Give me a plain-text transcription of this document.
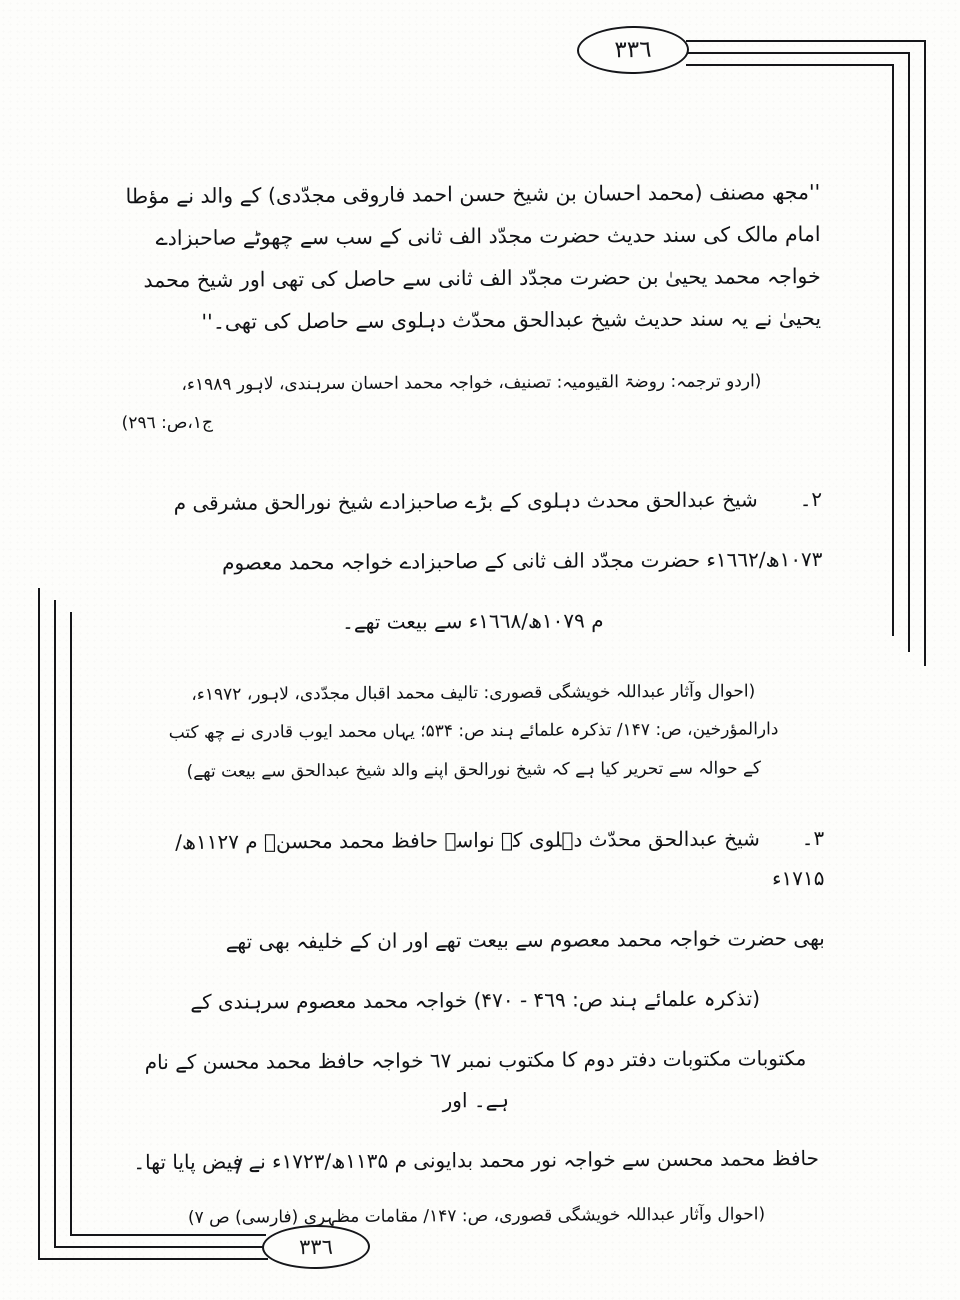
۳۳٦
۳۳٦

''مجھ مصنف (محمد احسان بن شیخ حسن احمد فاروقی مجدّدی) کے والد نے مؤطا امام مالک کی سند حدیث حضرت مجدّد الف ثانی کے سب سے چھوٹے صاحبزادے خواجہ محمد یحییٰ بن حضرت مجدّد الف ثانی سے حاصل کی تھی اور شیخ محمد یحییٰ نے یہ سند حدیث شیخ عبدالحق محدّث دہلوی سے حاصل کی تھی۔''

(اردو ترجمہ: روضۃ القیومیہ: تصنیف، خواجہ محمد احسان سرہندی، لاہور ۱۹۸۹ء،

ج۱،ص: ۲۹٦)

۲۔ شیخ عبدالحق محدث دہلوی کے بڑے صاحبزادے شیخ نورالحق مشرقی م

۱۰۷۳ھ/۱٦٦۲ء حضرت مجدّد الف ثانی کے صاحبزادے خواجہ محمد معصوم

م ۱۰۷۹ھ/۱٦٦۸ء سے بیعت تھے۔

(احوال وآثار عبداللہ خویشگی قصوری: تالیف محمد اقبال مجدّدی، لاہور، ۱۹۷۲ء،

دارالمؤرخین، ص: ۱۴۷/ تذکرہ علمائے ہند ص: ۵۳۴؛ یہاں محمد ایوب قادری نے چھ کتب

کے حوالہ سے تحریر کیا ہے کہ شیخ نورالحق اپنے والد شیخ عبدالحق سے بیعت تھے)

۳۔ شیخ عبدالحق محدّث دہلوی کے نواسے حافظ محمد محسنؒ م ۱۱۲۷ھ/۱۷۱۵ء

بھی حضرت خواجہ محمد معصوم سے بیعت تھے اور ان کے خلیفہ بھی تھے

(تذکرہ علمائے ہند ص: ۴٦۹ - ۴۷۰) خواجہ محمد معصوم سرہندی کے

مکتوبات مکتوبات دفتر دوم کا مکتوب نمبر ٦۷ خواجہ حافظ محمد محسن کے نام ہے۔ اور

حافظ محمد محسن سے خواجہ نور محمد بدایونی م ۱۱۳۵ھ/۱۷۲۳ء نے فیض پایا تھا۔

(احوال وآثار عبداللہ خویشگی قصوری، ص: ۱۴۷/ مقامات مظہری (فارسی) ص ۷)
